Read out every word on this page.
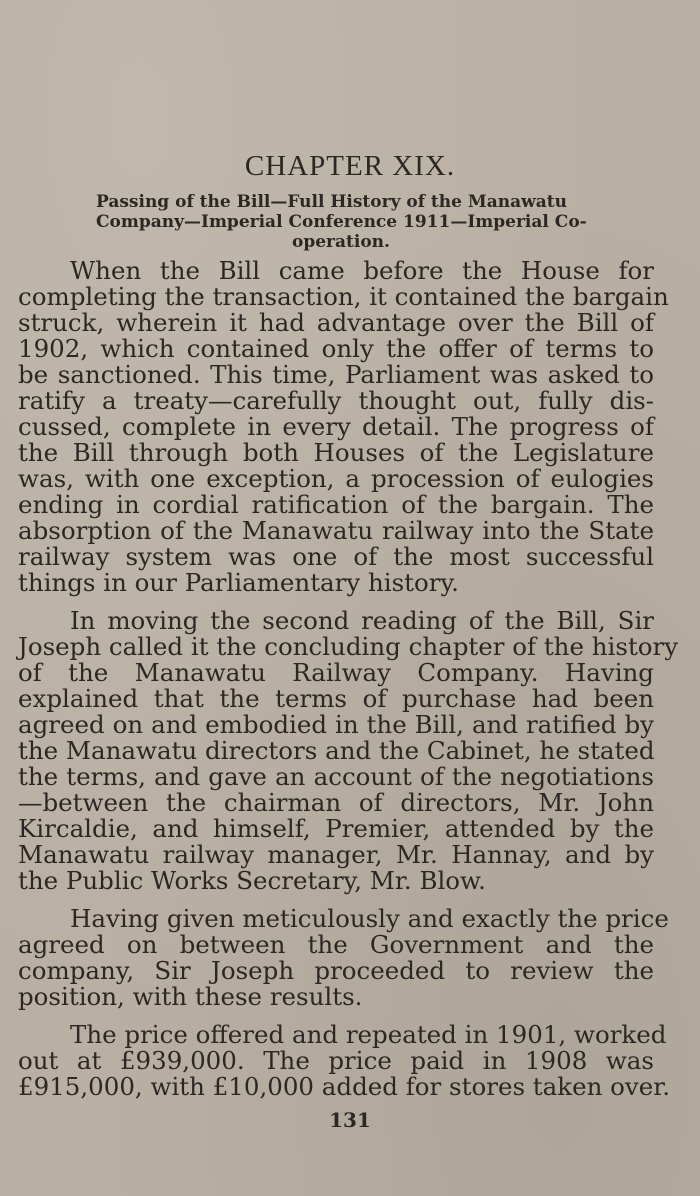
CHAPTER XIX.
Passing of the Bill—Full History of the Manawatu
Company—Imperial Conference 1911—Imperial Co-
operation.
When the Bill came before the House for
completing the transaction, it contained the bargain
struck, wherein it had advantage over the Bill of
1902, which contained only the offer of terms to
be sanctioned. This time, Parliament was asked to
ratify a treaty—carefully thought out, fully dis-
cussed, complete in every detail. The progress of
the Bill through both Houses of the Legislature
was, with one exception, a procession of eulogies
ending in cordial ratification of the bargain. The
absorption of the Manawatu railway into the State
railway system was one of the most successful
things in our Parliamentary history.
In moving the second reading of the Bill, Sir
Joseph called it the concluding chapter of the history
of the Manawatu Railway Company. Having
explained that the terms of purchase had been
agreed on and embodied in the Bill, and ratified by
the Manawatu directors and the Cabinet, he stated
the terms, and gave an account of the negotiations
—between the chairman of directors, Mr. John
Kircaldie, and himself, Premier, attended by the
Manawatu railway manager, Mr. Hannay, and by
the Public Works Secretary, Mr. Blow.
Having given meticulously and exactly the price
agreed on between the Government and the
company, Sir Joseph proceeded to review the
position, with these results.
The price offered and repeated in 1901, worked
out at £939,000. The price paid in 1908 was
£915,000, with £10,000 added for stores taken over.
131
